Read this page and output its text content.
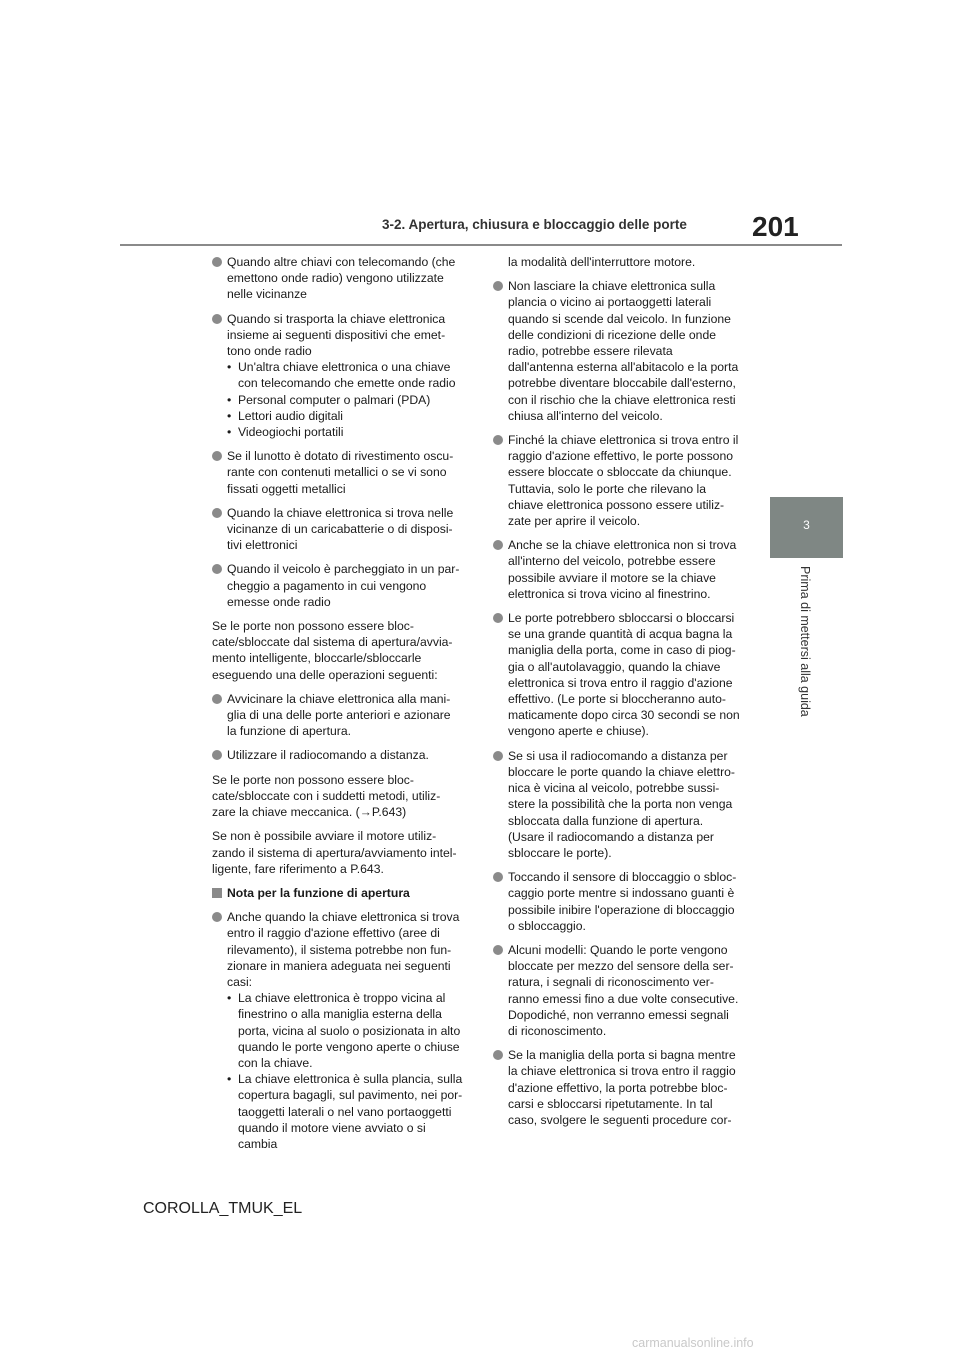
201
3-2. Apertura, chiusura e bloccaggio delle porte
3
Prima di mettersi alla guida
Quando altre chiavi con telecomando (che
emettono onde radio) vengono utilizzate
nelle vicinanze
Quando si trasporta la chiave elettronica
insieme ai seguenti dispositivi che emet-
tono onde radio
• Un'altra chiave elettronica o una chiave
con telecomando che emette onde radio
• Personal computer o palmari (PDA)
• Lettori audio digitali
• Videogiochi portatili
Se il lunotto è dotato di rivestimento oscu-
rante con contenuti metallici o se vi sono
fissati oggetti metallici
Quando la chiave elettronica si trova nelle
vicinanze di un caricabatterie o di disposi-
tivi elettronici
Quando il veicolo è parcheggiato in un par-
cheggio a pagamento in cui vengono
emesse onde radio
Se le porte non possono essere bloc-
cate/sbloccate dal sistema di apertura/avvia-
mento intelligente, bloccarle/sbloccarle
eseguendo una delle operazioni seguenti:
Avvicinare la chiave elettronica alla mani-
glia di una delle porte anteriori e azionare
la funzione di apertura.
Utilizzare il radiocomando a distanza.
Se le porte non possono essere bloc-
cate/sbloccate con i suddetti metodi, utiliz-
zare la chiave meccanica. (→P.643)
Se non è possibile avviare il motore utiliz-
zando il sistema di apertura/avviamento intel-
ligente, fare riferimento a P.643.
Nota per la funzione di apertura
Anche quando la chiave elettronica si trova
entro il raggio d'azione effettivo (aree di
rilevamento), il sistema potrebbe non fun-
zionare in maniera adeguata nei seguenti
casi:
• La chiave elettronica è troppo vicina al
finestrino o alla maniglia esterna della
porta, vicina al suolo o posizionata in alto
quando le porte vengono aperte o chiuse
con la chiave.
• La chiave elettronica è sulla plancia, sulla
copertura bagagli, sul pavimento, nei por-
taoggetti laterali o nel vano portaoggetti
quando il motore viene avviato o si cambia
la modalità dell'interruttore motore.
Non lasciare la chiave elettronica sulla
plancia o vicino ai portaoggetti laterali
quando si scende dal veicolo. In funzione
delle condizioni di ricezione delle onde
radio, potrebbe essere rilevata
dall'antenna esterna all'abitacolo e la porta
potrebbe diventare bloccabile dall'esterno,
con il rischio che la chiave elettronica resti
chiusa all'interno del veicolo.
Finché la chiave elettronica si trova entro il
raggio d'azione effettivo, le porte possono
essere bloccate o sbloccate da chiunque.
Tuttavia, solo le porte che rilevano la
chiave elettronica possono essere utiliz-
zate per aprire il veicolo.
Anche se la chiave elettronica non si trova
all'interno del veicolo, potrebbe essere
possibile avviare il motore se la chiave
elettronica si trova vicino al finestrino.
Le porte potrebbero sbloccarsi o bloccarsi
se una grande quantità di acqua bagna la
maniglia della porta, come in caso di piog-
gia o all'autolavaggio, quando la chiave
elettronica si trova entro il raggio d'azione
effettivo. (Le porte si bloccheranno auto-
maticamente dopo circa 30 secondi se non
vengono aperte e chiuse).
Se si usa il radiocomando a distanza per
bloccare le porte quando la chiave elettro-
nica è vicina al veicolo, potrebbe sussi-
stere la possibilità che la porta non venga
sbloccata dalla funzione di apertura.
(Usare il radiocomando a distanza per
sbloccare le porte).
Toccando il sensore di bloccaggio o sbloc-
caggio porte mentre si indossano guanti è
possibile inibire l'operazione di bloccaggio
o sbloccaggio.
Alcuni modelli: Quando le porte vengono
bloccate per mezzo del sensore della ser-
ratura, i segnali di riconoscimento ver-
ranno emessi fino a due volte consecutive.
Dopodiché, non verranno emessi segnali
di riconoscimento.
Se la maniglia della porta si bagna mentre
la chiave elettronica si trova entro il raggio
d'azione effettivo, la porta potrebbe bloc-
carsi e sbloccarsi ripetutamente. In tal
caso, svolgere le seguenti procedure cor-
COROLLA_TMUK_EL
carmanualsonline.info
